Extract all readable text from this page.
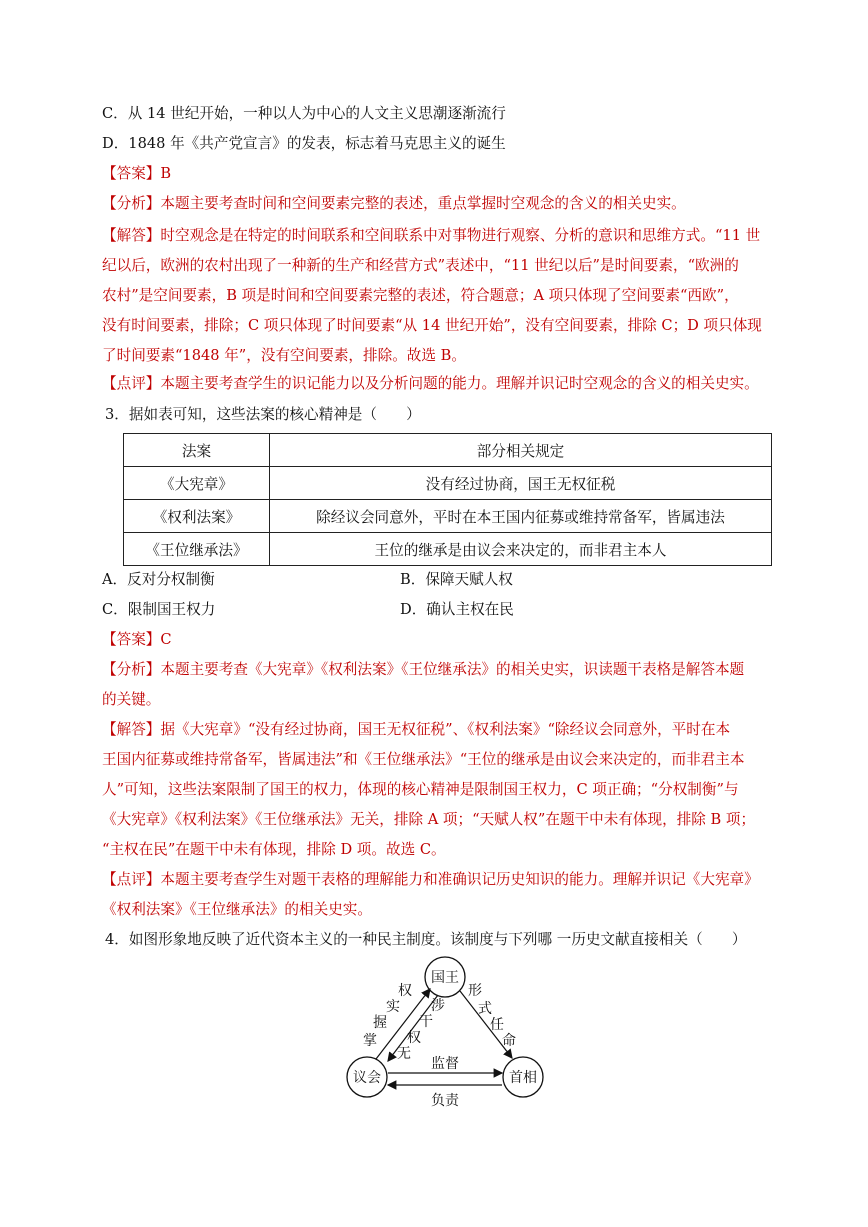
C．从 14 世纪开始，一种以人为中心的人文主义思潮逐渐流行
D．1848 年《共产党宣言》的发表，标志着马克思主义的诞生
【答案】B
【分析】本题主要考查时间和空间要素完整的表述，重点掌握时空观念的含义的相关史实。
【解答】时空观念是在特定的时间联系和空间联系中对事物进行观察、分析的意识和思维方式。“11 世
纪以后，欧洲的农村出现了一种新的生产和经营方式”表述中，“11 世纪以后”是时间要素，“欧洲的
农村”是空间要素，B 项是时间和空间要素完整的表述，符合题意；A 项只体现了空间要素“西欧”，
没有时间要素，排除；C 项只体现了时间要素“从 14 世纪开始”，没有空间要素，排除 C；D 项只体现
了时间要素“1848 年”，没有空间要素，排除。故选 B。
【点评】本题主要考查学生的识记能力以及分析问题的能力。理解并识记时空观念的含义的相关史实。
3．据如表可知，这些法案的核心精神是（　　）
法案	部分相关规定
《大宪章》	没有经过协商，国王无权征税
《权利法案》	除经议会同意外，平时在本王国内征募或维持常备军，皆属违法
《王位继承法》	王位的继承是由议会来决定的，而非君主本人
A．反对分权制衡	B．保障天赋人权
C．限制国王权力	D．确认主权在民
【答案】C
【分析】本题主要考查《大宪章》《权利法案》《王位继承法》的相关史实，识读题干表格是解答本题
的关键。
【解答】据《大宪章》“没有经过协商，国王无权征税”、《权利法案》“除经议会同意外，平时在本
王国内征募或维持常备军，皆属违法”和《王位继承法》“王位的继承是由议会来决定的，而非君主本
人”可知，这些法案限制了国王的权力，体现的核心精神是限制国王权力，C 项正确；“分权制衡”与
《大宪章》《权利法案》《王位继承法》无关，排除 A 项；“天赋人权”在题干中未有体现，排除 B 项；
“主权在民”在题干中未有体现，排除 D 项。故选 C。
【点评】本题主要考查学生对题干表格的理解能力和准确识记历史知识的能力。理解并识记《大宪章》
《权利法案》《王位继承法》的相关史实。
4．如图形象地反映了近代资本主义的一种民主制度。该制度与下列哪 一历史文献直接相关（　　）
国王
议会	首相
掌
握
实
权
无
权
干
涉
形
式
任
命
监督
负责
